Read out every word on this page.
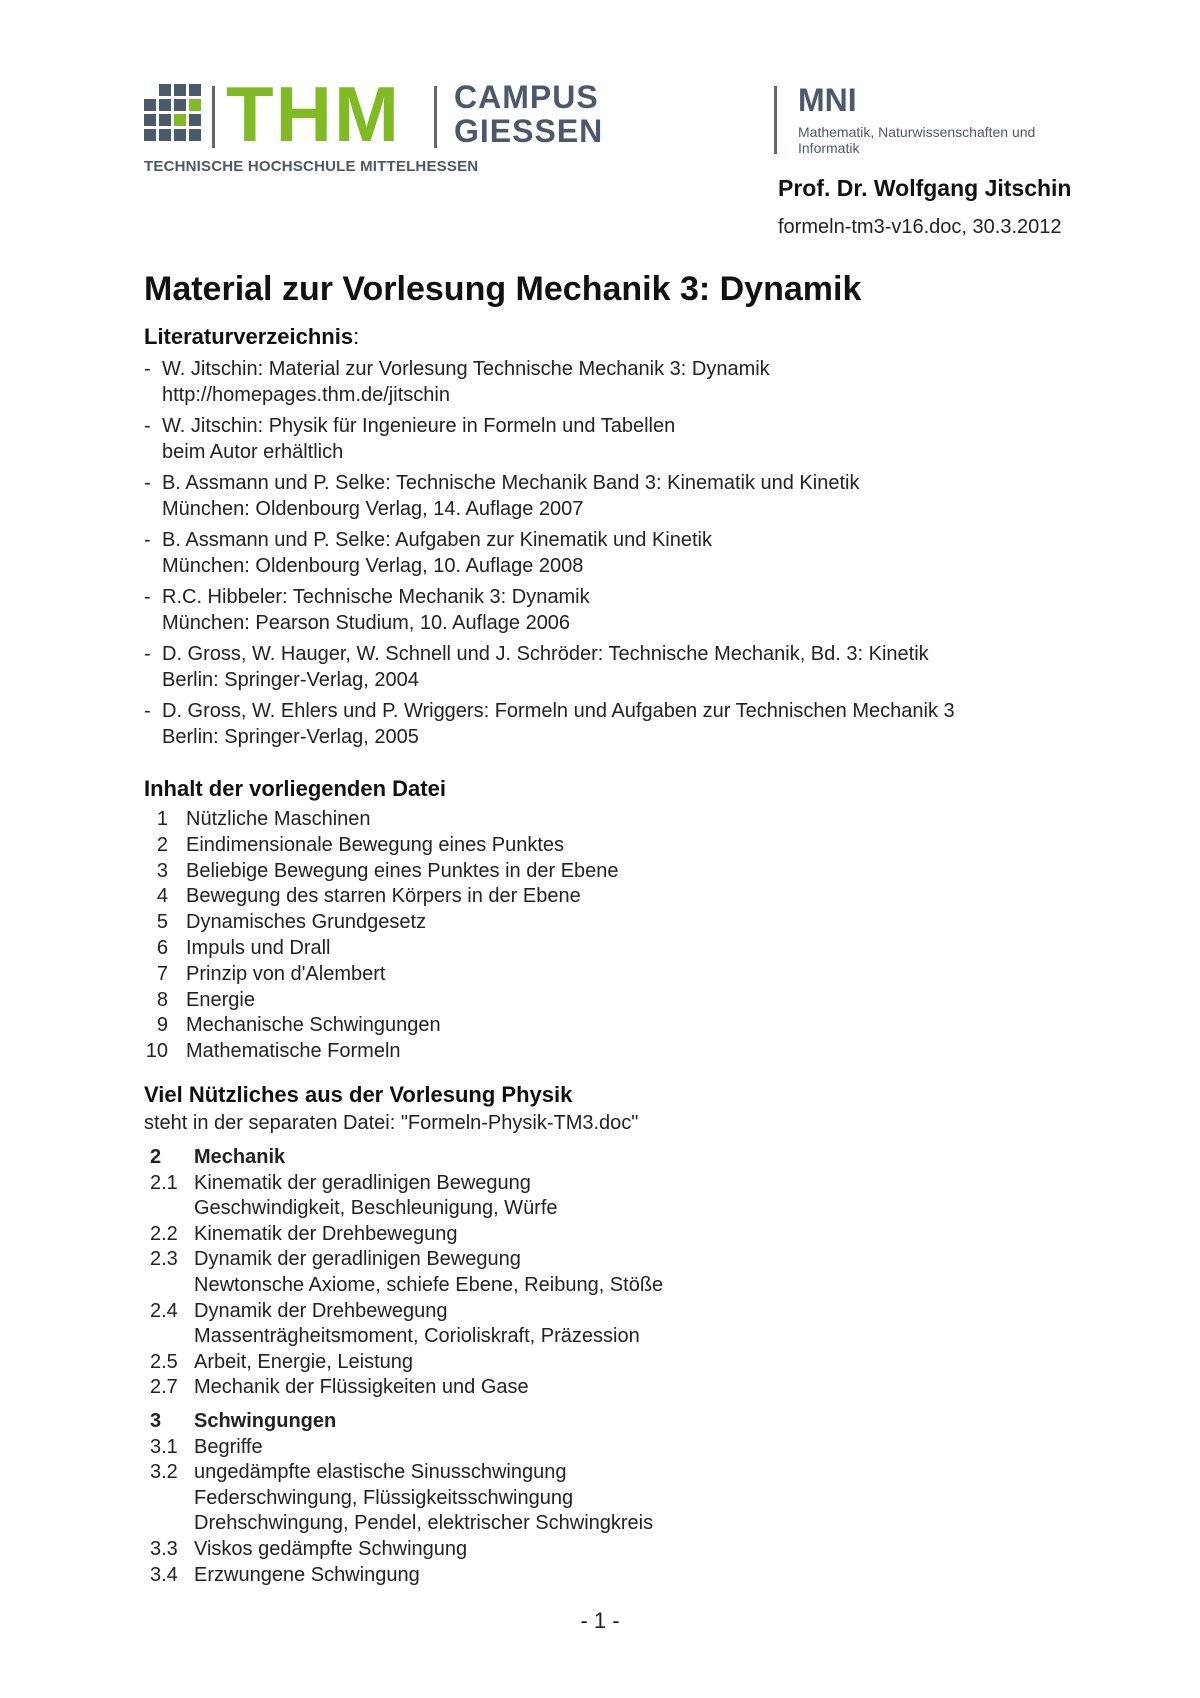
THM CAMPUS
GIESSEN
TECHNISCHE HOCHSCHULE MITTELHESSEN
MNI
Mathematik, Naturwissenschaften und Informatik
Prof. Dr. Wolfgang Jitschin
formeln-tm3-v16.doc, 30.3.2012
Material zur Vorlesung Mechanik 3: Dynamik
Literaturverzeichnis:
- W. Jitschin: Material zur Vorlesung Technische Mechanik 3: Dynamik
http://homepages.thm.de/jitschin
- W. Jitschin: Physik für Ingenieure in Formeln und Tabellen
beim Autor erhältlich
- B. Assmann und P. Selke: Technische Mechanik Band 3: Kinematik und Kinetik
München: Oldenbourg Verlag, 14. Auflage 2007
- B. Assmann und P. Selke: Aufgaben zur Kinematik und Kinetik
München: Oldenbourg Verlag, 10. Auflage 2008
- R.C. Hibbeler: Technische Mechanik 3: Dynamik
München: Pearson Studium, 10. Auflage 2006
- D. Gross, W. Hauger, W. Schnell und J. Schröder: Technische Mechanik, Bd. 3: Kinetik
Berlin: Springer-Verlag, 2004
- D. Gross, W. Ehlers und P. Wriggers: Formeln und Aufgaben zur Technischen Mechanik 3
Berlin: Springer-Verlag, 2005
Inhalt der vorliegenden Datei
1 Nützliche Maschinen
2 Eindimensionale Bewegung eines Punktes
3 Beliebige Bewegung eines Punktes in der Ebene
4 Bewegung des starren Körpers in der Ebene
5 Dynamisches Grundgesetz
6 Impuls und Drall
7 Prinzip von d'Alembert
8 Energie
9 Mechanische Schwingungen
10 Mathematische Formeln
Viel Nützliches aus der Vorlesung Physik
steht in der separaten Datei: "Formeln-Physik-TM3.doc"
2 Mechanik
2.1 Kinematik der geradlinigen Bewegung
Geschwindigkeit, Beschleunigung, Würfe
2.2 Kinematik der Drehbewegung
2.3 Dynamik der geradlinigen Bewegung
Newtonsche Axiome, schiefe Ebene, Reibung, Stöße
2.4 Dynamik der Drehbewegung
Massenträgheitsmoment, Corioliskraft, Präzession
2.5 Arbeit, Energie, Leistung
2.7 Mechanik der Flüssigkeiten und Gase
3 Schwingungen
3.1 Begriffe
3.2 ungedämpfte elastische Sinusschwingung
Federschwingung, Flüssigkeitsschwingung
Drehschwingung, Pendel, elektrischer Schwingkreis
3.3 Viskos gedämpfte Schwingung
3.4 Erzwungene Schwingung
- 1 -
